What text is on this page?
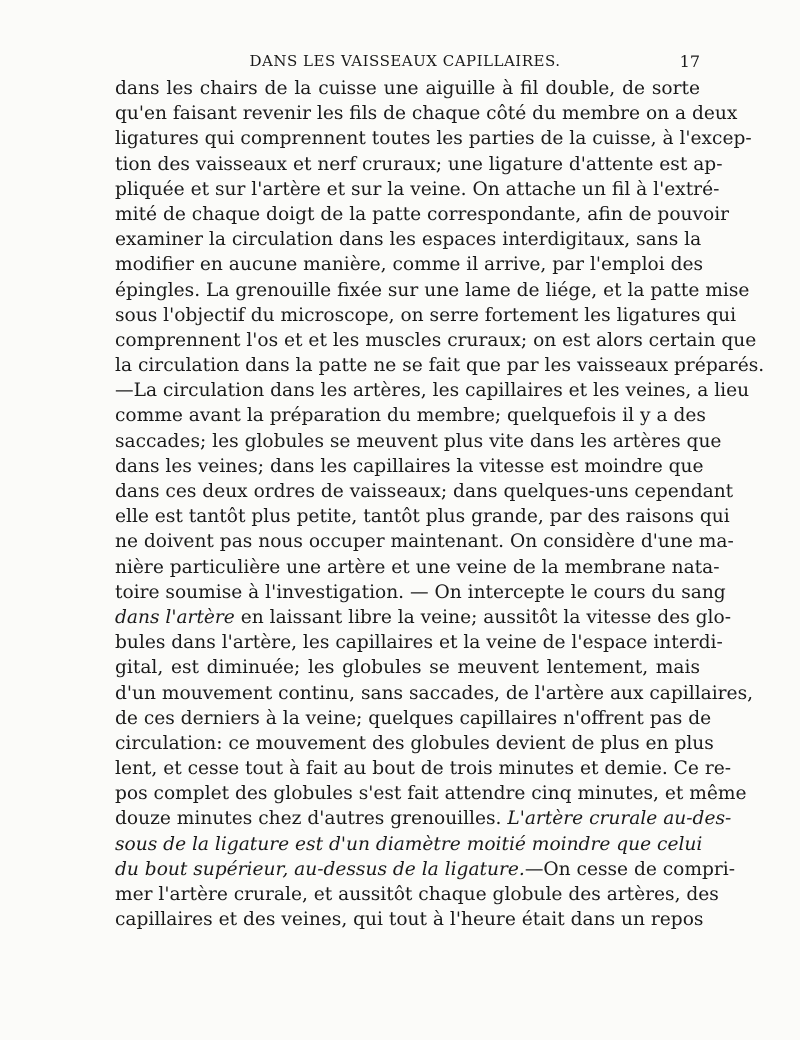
DANS LES VAISSEAUX CAPILLAIRES.	17
dans les chairs de la cuisse une aiguille à fil double, de sorte
qu'en faisant revenir les fils de chaque côté du membre on a deux
ligatures qui comprennent toutes les parties de la cuisse, à l'excep-
tion des vaisseaux et nerf cruraux; une ligature d'attente est ap-
pliquée et sur l'artère et sur la veine. On attache un fil à l'extré-
mité de chaque doigt de la patte correspondante, afin de pouvoir
examiner la circulation dans les espaces interdigitaux, sans la
modifier en aucune manière, comme il arrive, par l'emploi des
épingles. La grenouille fixée sur une lame de liége, et la patte mise
sous l'objectif du microscope, on serre fortement les ligatures qui
comprennent l'os et et les muscles cruraux; on est alors certain que
la circulation dans la patte ne se fait que par les vaisseaux préparés.
—La circulation dans les artères, les capillaires et les veines, a lieu
comme avant la préparation du membre; quelquefois il y a des
saccades; les globules se meuvent plus vite dans les artères que
dans les veines; dans les capillaires la vitesse est moindre que
dans ces deux ordres de vaisseaux; dans quelques-uns cependant
elle est tantôt plus petite, tantôt plus grande, par des raisons qui
ne doivent pas nous occuper maintenant. On considère d'une ma-
nière particulière une artère et une veine de la membrane nata-
toire soumise à l'investigation. — On intercepte le cours du sang
dans l'artère en laissant libre la veine; aussitôt la vitesse des glo-
bules dans l'artère, les capillaires et la veine de l'espace interdi-
gital, est diminuée; les globules se meuvent lentement, mais
d'un mouvement continu, sans saccades, de l'artère aux capillaires,
de ces derniers à la veine; quelques capillaires n'offrent pas de
circulation: ce mouvement des globules devient de plus en plus
lent, et cesse tout à fait au bout de trois minutes et demie. Ce re-
pos complet des globules s'est fait attendre cinq minutes, et même
douze minutes chez d'autres grenouilles. L'artère crurale au-des-
sous de la ligature est d'un diamètre moitié moindre que celui
du bout supérieur, au-dessus de la ligature.—On cesse de compri-
mer l'artère crurale, et aussitôt chaque globule des artères, des
capillaires et des veines, qui tout à l'heure était dans un repos
